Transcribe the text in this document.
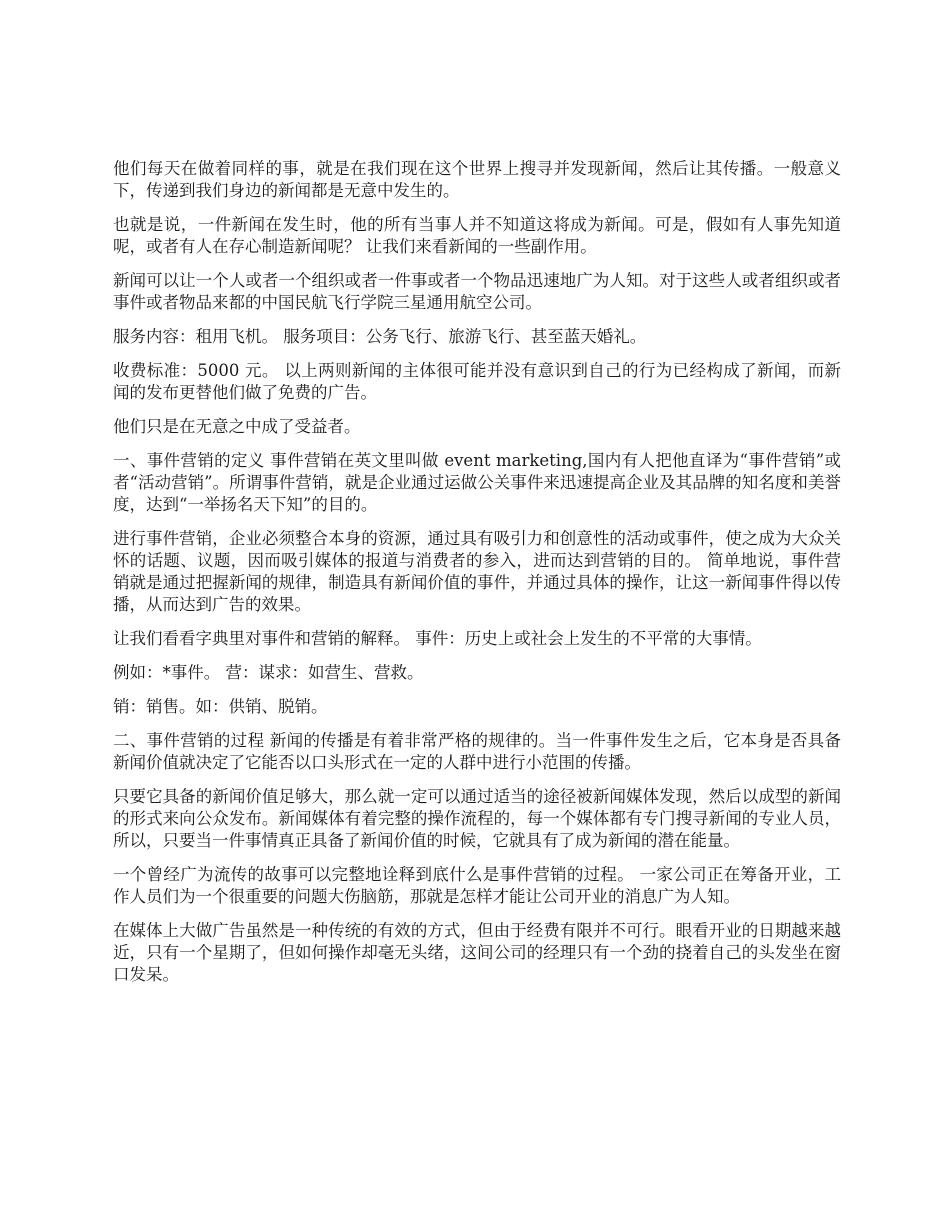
他们每天在做着同样的事，就是在我们现在这个世界上搜寻并发现新闻，然后让其传播。一般意义下，传递到我们身边的新闻都是无意中发生的。

也就是说，一件新闻在发生时，他的所有当事人并不知道这将成为新闻。可是，假如有人事先知道呢，或者有人在存心制造新闻呢？ 让我们来看新闻的一些副作用。

新闻可以让一个人或者一个组织或者一件事或者一个物品迅速地广为人知。对于这些人或者组织或者事件或者物品来都的中国民航飞行学院三星通用航空公司。

服务内容：租用飞机。 服务项目：公务飞行、旅游飞行、甚至蓝天婚礼。

收费标准：5000 元。 以上两则新闻的主体很可能并没有意识到自己的行为已经构成了新闻，而新闻的发布更替他们做了免费的广告。

他们只是在无意之中成了受益者。

一、事件营销的定义 事件营销在英文里叫做 event marketing,国内有人把他直译为“事件营销”或者“活动营销”。所谓事件营销，就是企业通过运做公关事件来迅速提高企业及其品牌的知名度和美誉度，达到“一举扬名天下知”的目的。

进行事件营销，企业必须整合本身的资源，通过具有吸引力和创意性的活动或事件，使之成为大众关怀的话题、议题，因而吸引媒体的报道与消费者的参入，进而达到营销的目的。 简单地说，事件营销就是通过把握新闻的规律，制造具有新闻价值的事件，并通过具体的操作，让这一新闻事件得以传播，从而达到广告的效果。

让我们看看字典里对事件和营销的解释。 事件：历史上或社会上发生的不平常的大事情。

例如：*事件。 营：谋求：如营生、营救。

销：销售。如：供销、脱销。

二、事件营销的过程 新闻的传播是有着非常严格的规律的。当一件事件发生之后，它本身是否具备新闻价值就决定了它能否以口头形式在一定的人群中进行小范围的传播。

只要它具备的新闻价值足够大，那么就一定可以通过适当的途径被新闻媒体发现，然后以成型的新闻的形式来向公众发布。新闻媒体有着完整的操作流程的，每一个媒体都有专门搜寻新闻的专业人员，所以，只要当一件事情真正具备了新闻价值的时候，它就具有了成为新闻的潜在能量。

一个曾经广为流传的故事可以完整地诠释到底什么是事件营销的过程。 一家公司正在筹备开业，工作人员们为一个很重要的问题大伤脑筋，那就是怎样才能让公司开业的消息广为人知。

在媒体上大做广告虽然是一种传统的有效的方式，但由于经费有限并不可行。眼看开业的日期越来越近，只有一个星期了，但如何操作却毫无头绪，这间公司的经理只有一个劲的挠着自己的头发坐在窗口发呆。
